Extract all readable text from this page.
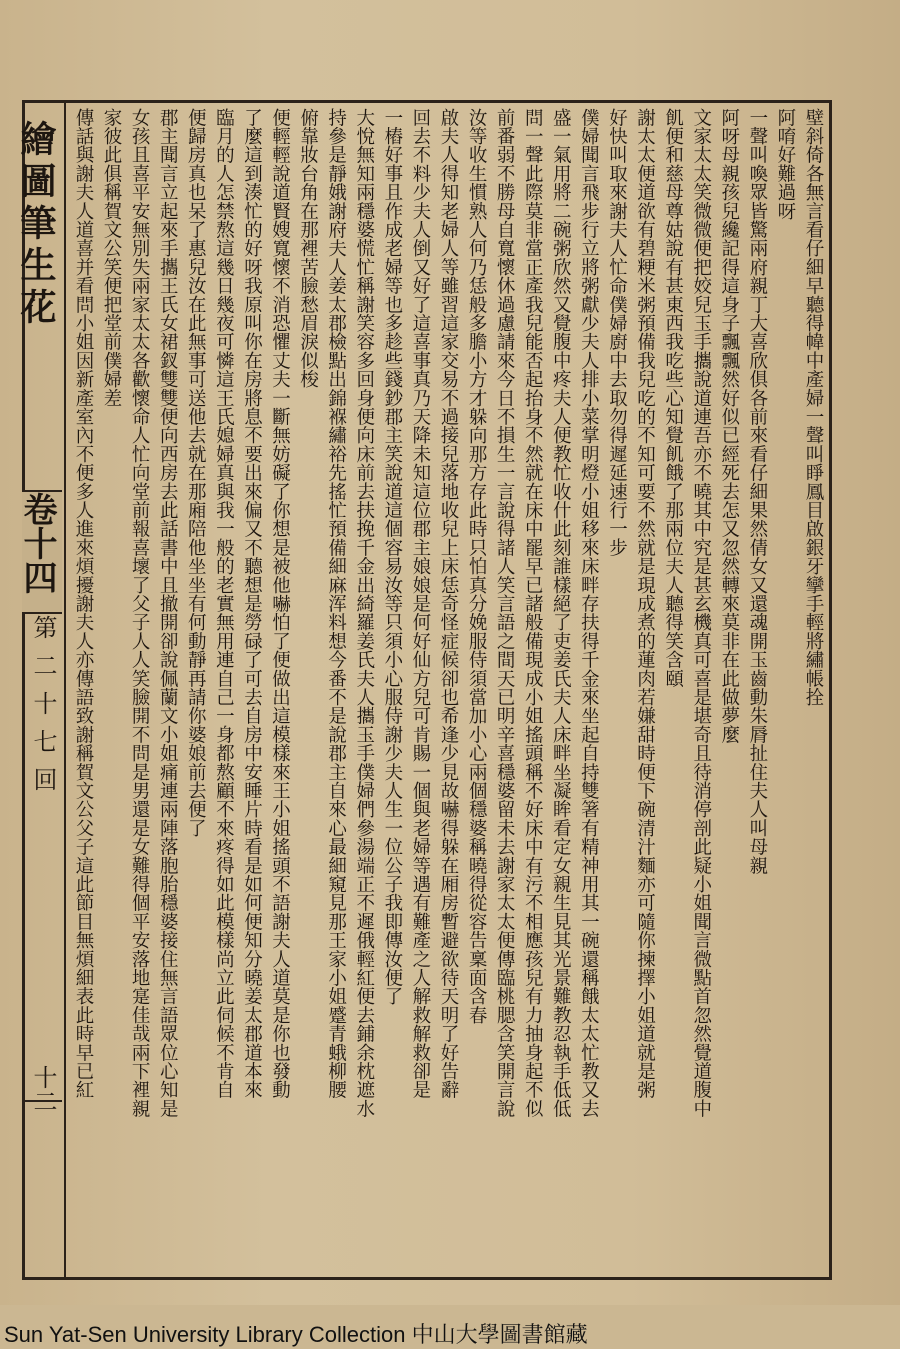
繪圖筆生花
卷十四
第二十七回
十二
壁斜倚各無言看仔細早聽得幃中產婦一聲叫睜鳳目啟銀牙攣手輕將繡帳拴
阿唷好難過呀
一聲叫喚眾皆驚兩府親丁大喜欣俱各前來看仔細果然倩女又還魂開玉齒動朱脣扯住夫人叫母親
阿呀母親孩兒纔記得這身子飄飄然好似已經死去怎又忽然轉來莫非在此做夢麼
文家太太笑微微便把姣兒玉手攜說道連吾亦不曉其中究是甚玄機真可喜是堪奇且待消停剖此疑小姐聞言微點首忽然覺道腹中
飢便和慈母尊姑說有甚東西我吃些心知覺飢餓了那兩位夫人聽得笑含頤
謝太太便道欲有碧粳米粥預備我兒吃的不知可要不然就是現成煮的蓮肉若嫌甜時便下碗清汁麵亦可隨你揀擇小姐道就是粥
好快叫取來謝夫人忙命僕婦廚中去取勿得遲延速行一步
僕婦聞言飛步行立將粥獻少夫人排小菜掌明燈小姐移來床畔存扶得千金來坐起自持雙箸有精神用其一碗還稱餓太太忙教又去
盛一氣用將二碗粥欣然又覺腹中疼夫人便教忙收什此刻誰樣絕了吏姜氏夫人床畔坐凝眸看定女親生見其光景難教忍執手低低
問一聲此際莫非當正產我兒能否起抬身不然就在床中罷早已諸般備現成小姐搖頭稱不好床中有污不相應孩兒有力抽身起不似
前番弱不勝母自寬懷休過慮請來今日不損生一言說得諸人笑言語之間天已明辛喜穩婆留未去謝家太太便傳臨桃腮含笑開言說
汝等收生慣熟人何乃恁般多膽小方才躲向那方存此時只怕真分娩服侍須當加小心兩個穩婆稱曉得從容告稟面含春
啟夫人得知老婦人等雖習這家交易不過接兒落地收兒上床恁奇怪症候卻也希逢少見故嚇得躲在厢房暫避欲待天明了好告辭
回去不料少夫人倒又好了這喜事真乃天降未知這位郡主娘娘是何好仙方兒可肯賜一個與老婦等遇有難產之人解救解救卻是
一樁好事且作成老婦等也多趁些錢鈔郡主笑說道這個容易汝等只須小心服侍謝少夫人生一位公子我即傳汝便了
大悅無知兩穩婆慌忙稱謝笑容多回身便向床前去扶挽千金出綺羅姜氏夫人攜玉手僕婦們參湯端正不遲俄輕紅便去鋪余枕遮水
持參是靜娥謝府夫人姜太郡檢點出錦褓繡裕先搖忙預備細麻浑料想今番不是說郡主自來心最細窺見那王家小姐蹙青蛾柳腰
俯靠妝台角在那裡苦臉愁眉淚似梭
便輕輕說道賢嫂寬懷不消恐懼丈夫一斷無妨礙了你想是被他嚇怕了便做出這模樣來王小姐搖頭不語謝夫人道莫是你也發動
了麼這到湊忙的好呀我原叫你在房將息不要出來偏又不聽想是勞碌了可去自房中安睡片時看是如何便知分曉姜太郡道本來
臨月的人怎禁熬這幾日幾夜可憐這王氏媳婦真與我一般的老實無用連自己一身都熬顧不來疼得如此模樣尚立此伺候不肯自
便歸房真也呆了惠兒汝在此無事可送他去就在那廂陪他坐坐有何動靜再請你婆娘前去便了
郡主聞言立起來手攜王氏女裙釵雙雙便向西房去此話書中且撤開卻說佩蘭文小姐痛連兩陣落胞胎穩婆接住無言語眾位心知是
女孩且喜平安無別失兩家太太各歡懷命人忙向堂前報喜壞了父子人人笑臉開不問是男還是女難得個平安落地寔佳哉兩下裡親
家彼此俱稱賀文公笑便把堂前僕婦差
傳話與謝夫人道喜并看問小姐因新產室內不便多人進來煩擾謝夫人亦傳語致謝稱賀文公父子這此節目無煩細表此時早已紅
Sun Yat-Sen University Library Collection 中山大學圖書館藏
